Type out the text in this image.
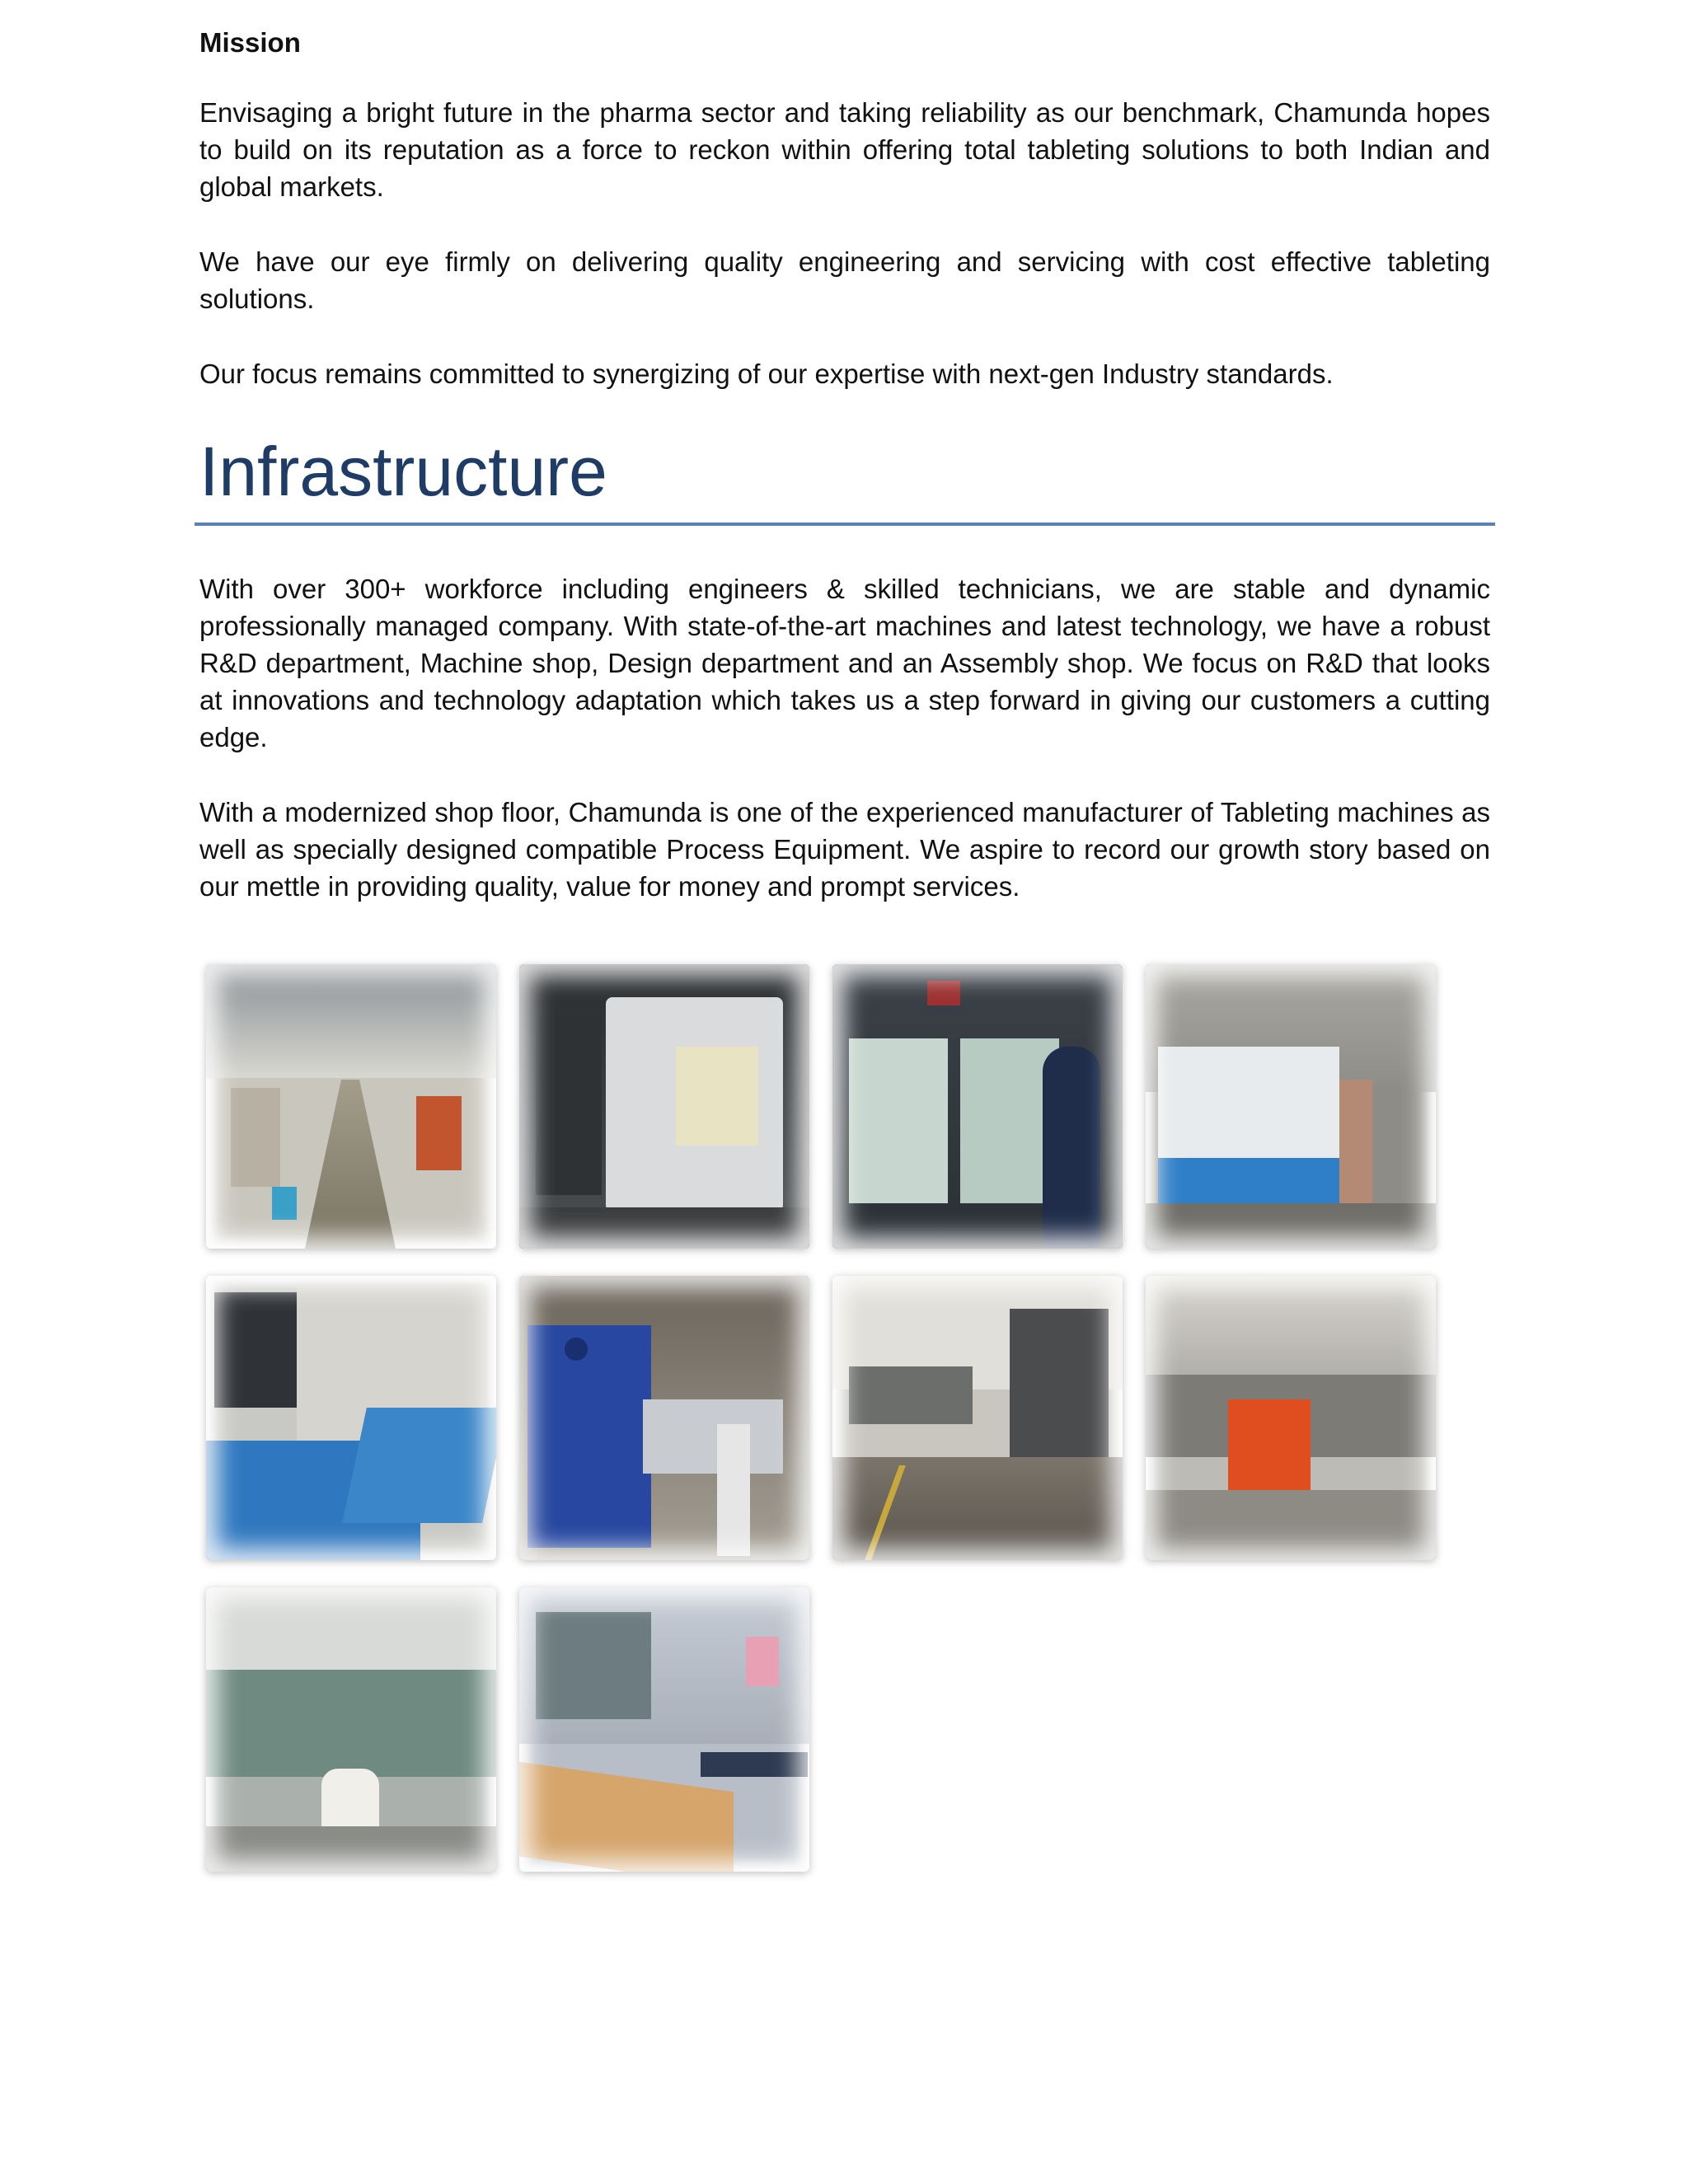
Mission

Envisaging a bright future in the pharma sector and taking reliability as our benchmark, Chamunda hopes to build on its reputation as a force to reckon within offering total tableting solutions to both Indian and global markets.

We have our eye firmly on delivering quality engineering and servicing with cost effective tableting solutions.

Our focus remains committed to synergizing of our expertise with next-gen Industry standards.

Infrastructure

With over 300+ workforce including engineers & skilled technicians, we are stable and dynamic professionally managed company. With state-of-the-art machines and latest technology, we have a robust R&D department, Machine shop, Design department and an Assembly shop. We focus on R&D that looks at innovations and technology adaptation which takes us a step forward in giving our customers a cutting edge.

With a modernized shop floor, Chamunda is one of the experienced manufacturer of Tableting machines as well as specially designed compatible Process Equipment. We aspire to record our growth story based on our mettle in providing quality, value for money and prompt services.
